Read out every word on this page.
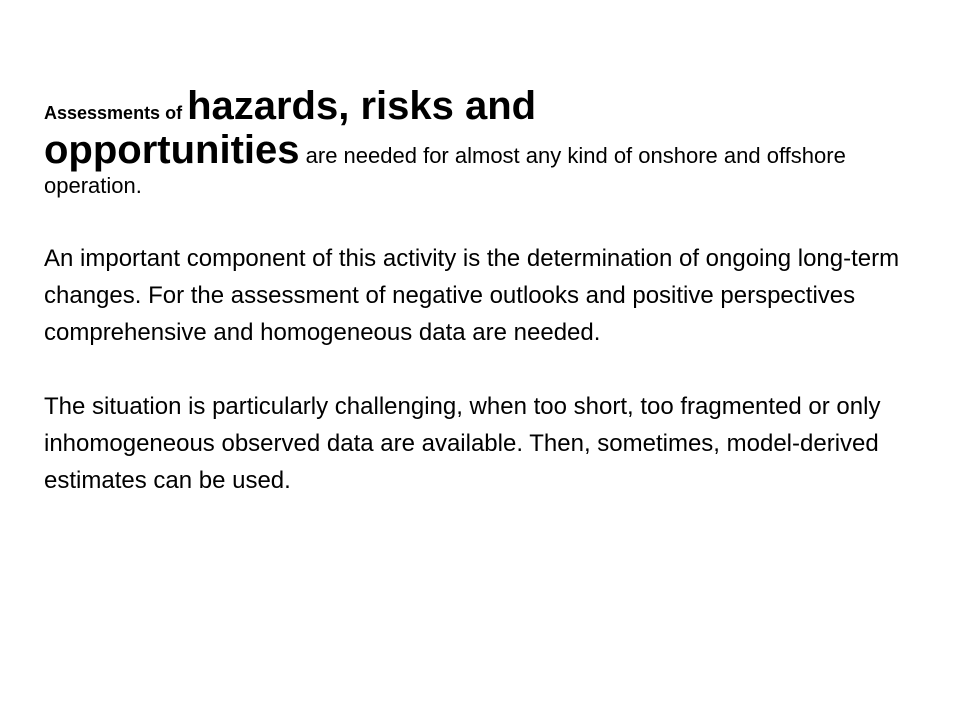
Assessments of hazards, risks and
opportunities are needed for almost any kind of onshore and offshore operation.

An important component of this activity is the determination of ongoing long-term changes. For the assessment of negative outlooks and positive perspectives comprehensive and homogeneous data are needed.

The situation is particularly challenging, when too short, too fragmented or only inhomogeneous observed data are available. Then, sometimes, model-derived estimates can be used.
